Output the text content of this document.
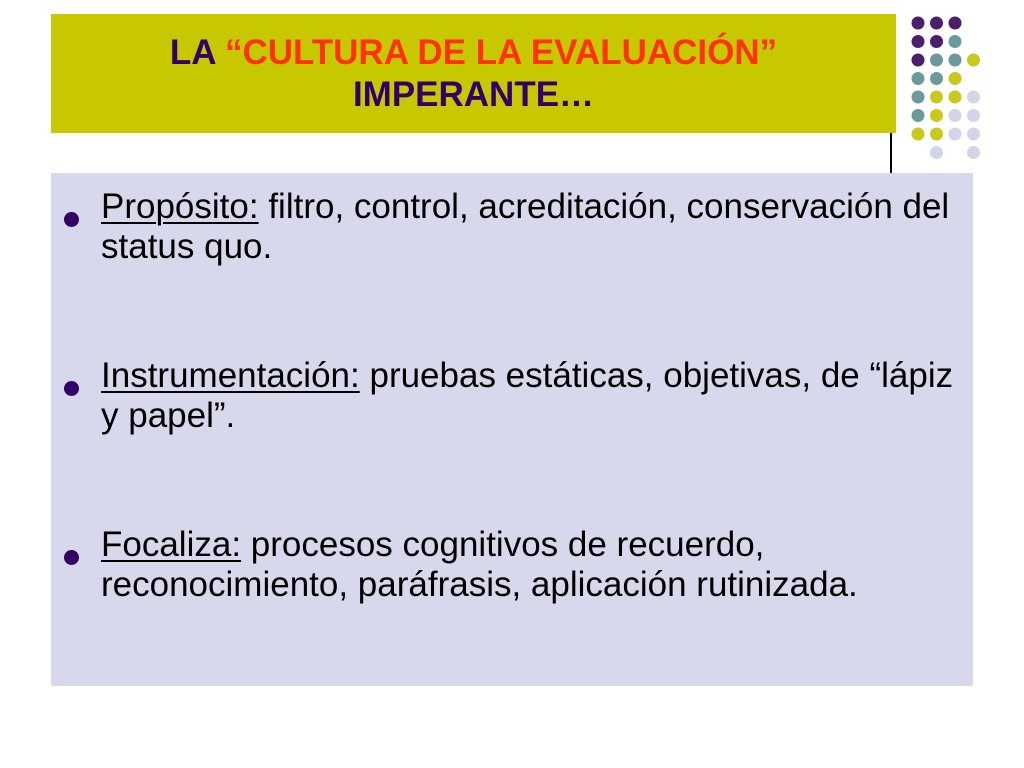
LA “CULTURA DE LA EVALUACIÓN”
IMPERANTE…
Propósito: filtro, control, acreditación, conservación del status quo.
Instrumentación: pruebas estáticas, objetivas, de “lápiz y papel”.
Focaliza: procesos cognitivos de recuerdo, reconocimiento, paráfrasis, aplicación rutinizada.
